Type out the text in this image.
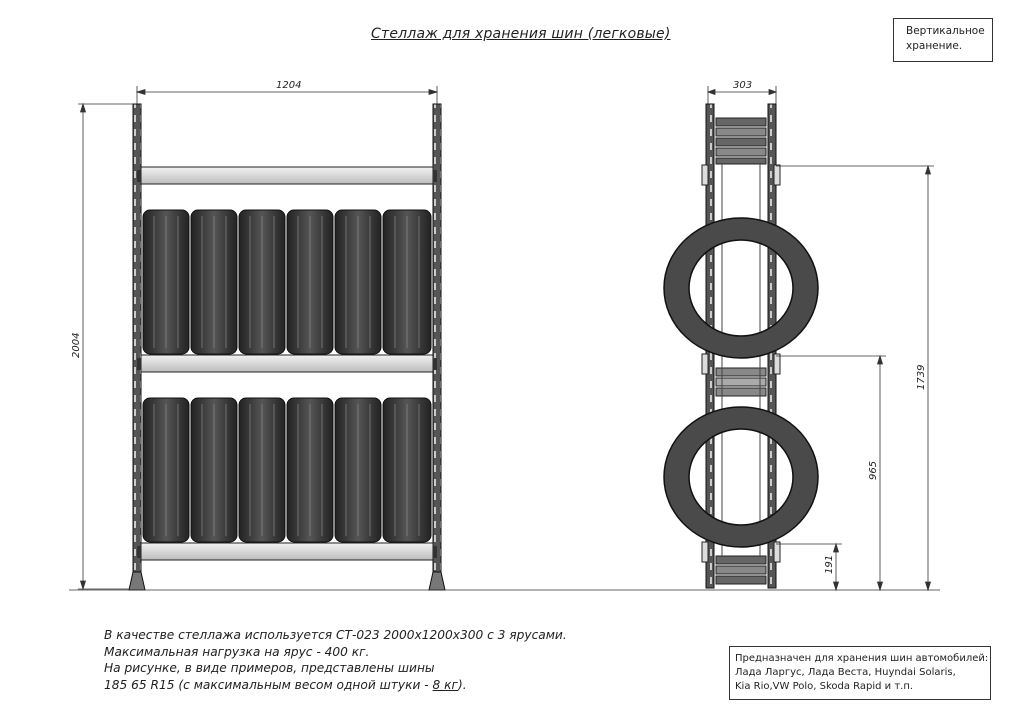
Стеллаж для хранения шин (легковые)	Вертикальное
хранение.
1204
2004
303
1739
965
191
В качестве стеллажа используется СТ-023 2000х1200х300 с 3 ярусами.
Максимальная нагрузка на ярус - 400 кг.
На рисунке, в виде примеров, представлены шины
185 65 R15 (с максимальным весом одной штуки - 8 кг).
Предназначен для хранения шин автомобилей:
Лада Ларгус, Лада Веста, Huyndai Solaris,
Kia Rio,VW Polo, Skoda Rapid и т.п.
